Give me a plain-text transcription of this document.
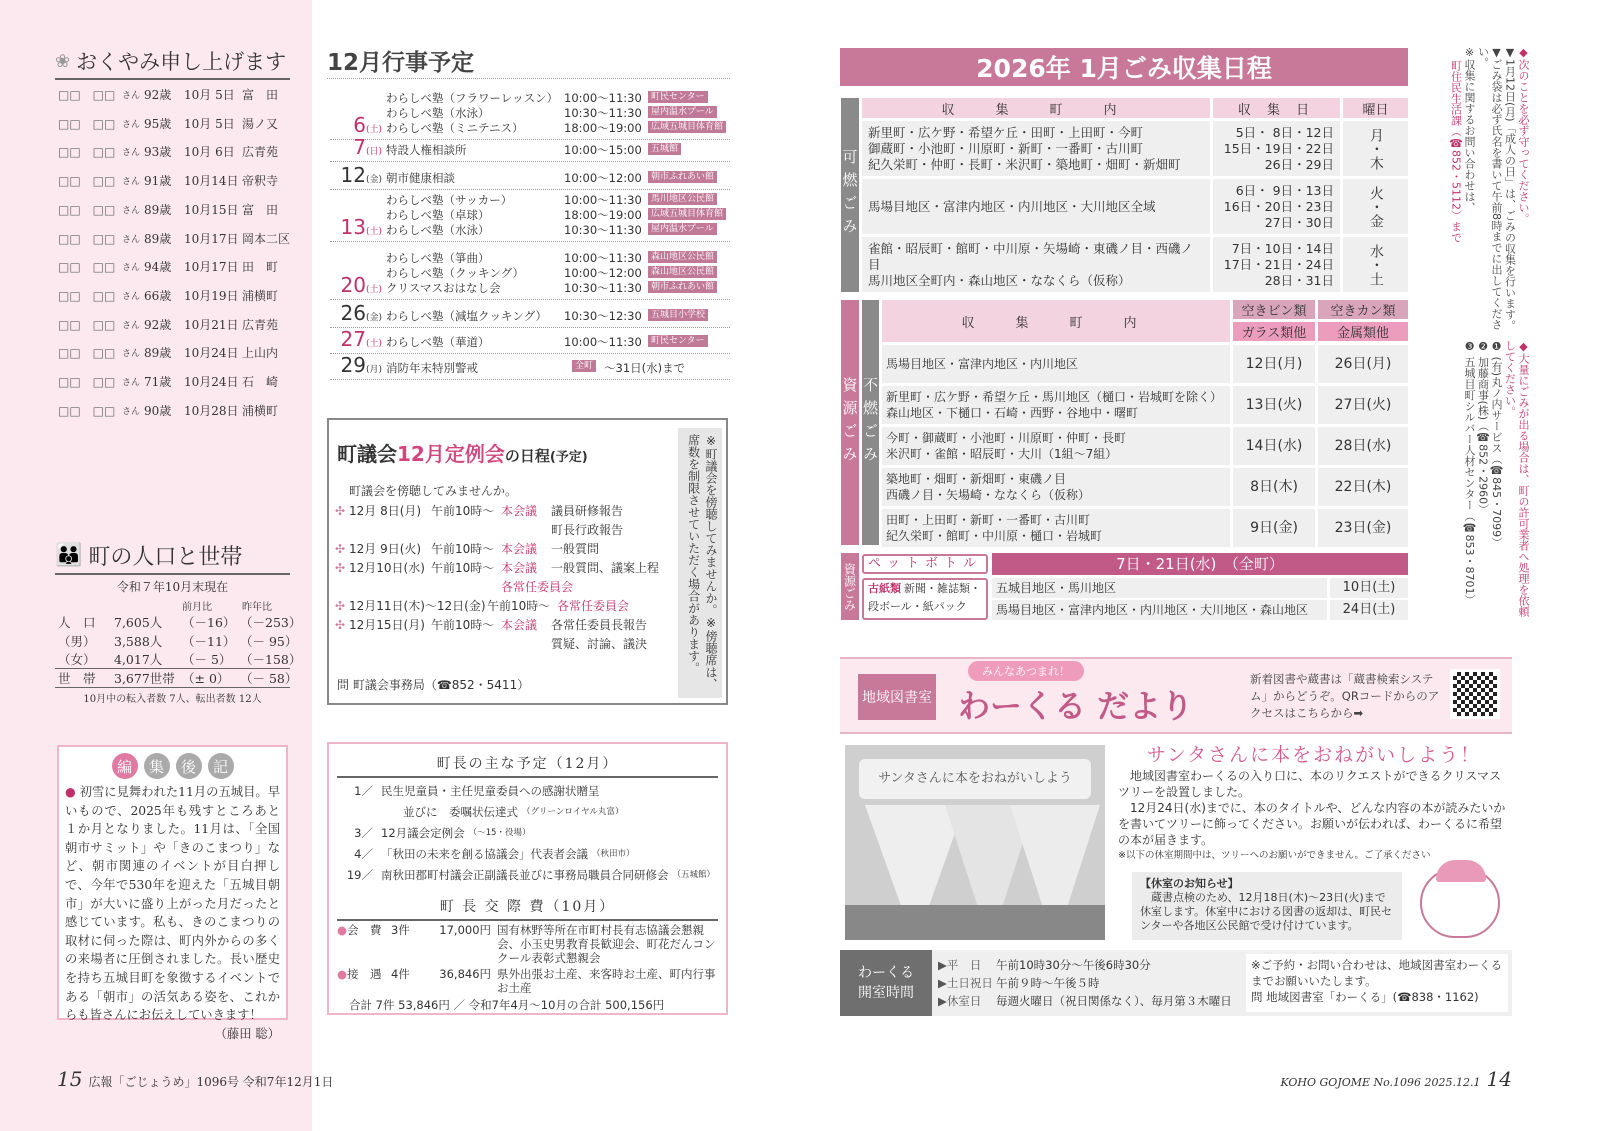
❀ おくやみ申し上げます
👪 町の人口と世帯
令和７年10月末現在
前月比	昨年比
10月中の転入者数 7人、転出者数 12人
編	集	後	記
● 初雪に見舞われた11月の五城目。早いもので、2025年も残すところあと１か月となりました。11月は、「全国朝市サミット」や「きのこまつり」など、朝市関連のイベントが目白押しで、今年で530年を迎えた「五城目朝市」が大いに盛り上がった月だったと感じています。私も、きのこまつりの取材に伺った際は、町内外からの多くの来場者に圧倒されました。長い歴史を持ち五城目町を象徴するイベントである「朝市」の活気ある姿を、これからも皆さんにお伝えしていきます！
（藤田 聡）
15 広報「ごじょうめ」1096号 令和7年12月1日
12月行事予定
町議会12月定例会の日程(予定)
町議会を傍聴してみませんか。
✣ 12月 8日(月) 午前10時～ 本会議	議員研修報告
町長行政報告
✣ 12月 9日(火) 午前10時～ 本会議	一般質問
✣ 12月10日(水) 午前10時～ 本会議	一般質問、議案上程
各常任委員会
✣ 12月11日(木)～12日(金) 午前10時～ 各常任委員会
✣ 12月15日(月) 午前10時～ 本会議	各常任委員長報告
質疑、討論、議決
問 町議会事務局（☎852・5411）	※町議会を傍聴してみませんか。※傍聴席は、席数を制限させていただく場合があります。
町長の主な予定（12月）
1／ 民生児童員・主任児童委員への感謝状贈呈
並びに　委嘱状伝達式 （グリーンロイヤル丸富）
3／ 12月議会定例会 （～15・役場）
4／ 「秋田の未来を創る協議会」代表者会議 （秋田市）
19／ 南秋田郡町村議会正副議長並びに事務局職員合同研修会 （五城館）
町 長 交 際 費（10月）
● 会　費 3件	17,000円 国有林野等所在市町村長有志協議会懇親会、小玉史男教育長歓迎会、町花だんコンクール表彰式懇親会
● 接　遇 4件	36,846円 県外出張お土産、来客時お土産、町内行事お土産
合計 7件 53,846円 ／ 令和7年4月～10月の合計 500,156円
2026年 1月ごみ収集日程	◆次のことを必ず守ってください。
▼1月12日(月)「成人の日」は、ごみの収集を行います。
▼ごみ袋は必ず氏名を書いて午前8時までに出してください。
※収集に関するお問い合わせは、
町住民生活課（☎852・5112）まで
◆大量にごみが出る場合は、町の許可業者へ処理を依頼してください。
❶ (有)丸ノ内サービス（☎845・7099）
❷ 加藤商事(株)（☎852・2960）
❸ 五城目町シルバー人材センター（☎853・8701）
地域図書室
みんなあつまれ！
わーくる だより
新着図書や蔵書は「蔵書検索システム」からどうぞ。QRコードからのアクセスはこちらから➡
サンタさんに本をおねがいしよう
サンタさんに本をおねがいしよう！
地域図書室わーくるの入り口に、本のリクエストができるクリスマスツリーを設置しました。
12月24日(水)までに、本のタイトルや、どんな内容の本が読みたいかを書いてツリーに飾ってください。お願いが伝われば、わーくるに希望の本が届きます。
※以下の休室期間中は、ツリーへのお願いができません。ご了承ください
【休室のお知らせ】
蔵書点検のため、12月18日(木)～23日(火)まで休室します。休室中における図書の返却は、町民センターや各地区公民館で受け付けています。
わーくる
開室時間
▶平　日	午前10時30分～午後6時30分
▶土日祝日 午前９時～午後５時
▶休室日	毎週火曜日（祝日関係なく）、毎月第３木曜日
※ご予約・お問い合わせは、地域図書室わーくるまでお願いいたします。
問 地域図書室「わーくる」(☎838・1162)
KOHO GOJOME No.1096 2025.12.1 14
□□　□□ さん 92歳	10月 5日 富　田
□□　□□ さん 95歳	10月 5日 湯ノ又
□□　□□ さん 93歳	10月 6日 広青苑
□□　□□ さん 91歳	10月14日 帝釈寺
□□　□□ さん 89歳	10月15日 富　田
□□　□□ さん 89歳	10月17日 岡本二区
□□　□□ さん 94歳	10月17日 田　町
□□　□□ さん 66歳	10月19日 浦横町
□□　□□ さん 92歳	10月21日 広青苑
□□　□□ さん 89歳	10月24日 上山内
□□　□□ さん 71歳	10月24日 石　崎
□□　□□ さん 90歳	10月28日 浦横町
人　口	7,605人	（－16） （－253）
（男）	3,588人	（－11） （－ 95）
（女）	4,017人	（－ 5） （－158）
世　帯	3,677世帯 （± 0） （－ 58）
6(土)
わらしべ塾（フラワーレッスン） 10:00～11:30	町民センター
わらしべ塾（水泳）	10:30～11:30	屋内温水プール
わらしべ塾（ミニテニス）	18:00～19:00	広域五城目体育館
7(日) 特設人権相談所	10:00～15:00	五城館
12(金) 朝市健康相談	10:00～12:00	朝市ふれあい館
13(土)
わらしべ塾（サッカー）	10:00～11:30	馬川地区公民館
わらしべ塾（卓球）	18:00～19:00	広域五城目体育館
わらしべ塾（水泳）	10:30～11:30	屋内温水プール
20(土)
わらしべ塾（箏曲）	10:00～11:30	森山地区公民館
わらしべ塾（クッキング）	10:00～12:00	森山地区公民館
クリスマスおはなし会	10:30～11:30	朝市ふれあい館
26(金) わらしべ塾（減塩クッキング）	10:30～12:30	五城目小学校
27(土) わらしべ塾（華道）	10:00～11:30	町民センター
29(月) 消防年末特別警戒	全町 ～31日(水)まで
可燃ごみ
収　集　町　内	収 集 日	曜日
新里町・広ケ野・希望ケ丘・田町・上田町・今町
御蔵町・小池町・川原町・新町・一番町・古川町
紀久栄町・仲町・長町・米沢町・築地町・畑町・新畑町
5日・ 8日・12日
15日・19日・22日
26日・29日	月・木
馬場目地区・富津内地区・内川地区・大川地区全域
6日・ 9日・13日
16日・20日・23日
27日・30日	火・金
雀館・昭辰町・館町・中川原・矢場崎・東磯ノ目・西磯ノ目
馬川地区全町内・森山地区・ななくら（仮称）
7日・10日・14日
17日・21日・24日
28日・31日	水・土
資源ごみ 不燃ごみ
収　集　町　内
空きビン類	空きカン類
ガラス類他	金属類他
馬場目地区・富津内地区・内川地区	12日(月)	26日(月)
新里町・広ケ野・希望ケ丘・馬川地区（樋口・岩城町を除く）
森山地区・下樋口・石崎・西野・谷地中・曙町	13日(火)	27日(火)
今町・御蔵町・小池町・川原町・仲町・長町
米沢町・雀館・昭辰町・大川（1組～7組）	14日(水)	28日(水)
築地町・畑町・新畑町・東磯ノ目
西磯ノ目・矢場崎・ななくら（仮称）	8日(木)	22日(木)
田町・上田町・新町・一番町・古川町
紀久栄町・館町・中川原・樋口・岩城町	9日(金)	23日(金)
資源ごみ ペットボトル	7日・21日(水)　（全町）
古紙類 新聞・雑誌類・段ボール・紙パック
五城目地区・馬川地区	10日(土)
馬場目地区・富津内地区・内川地区・大川地区・森山地区	24日(土)
